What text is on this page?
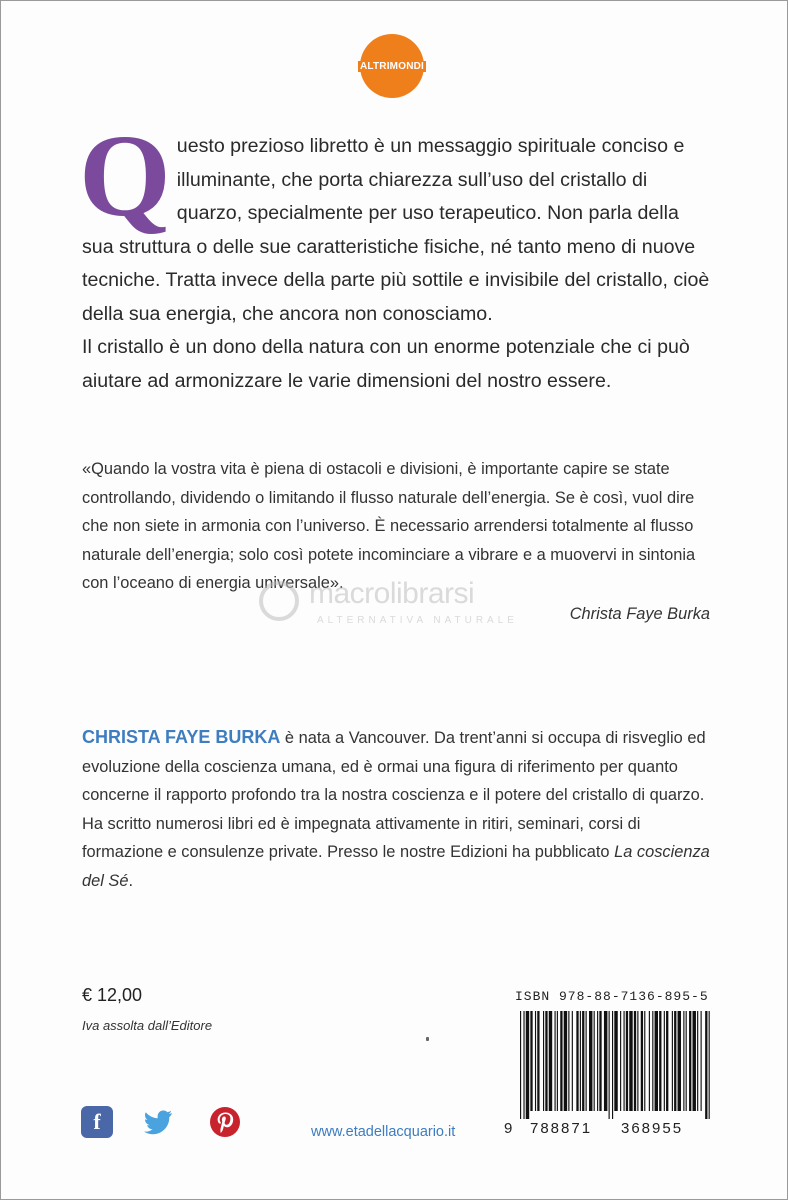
ALTRIMONDI
Q uesto prezioso libretto è un messaggio spirituale conciso e illuminante, che porta chiarezza sull’uso del cristallo di quarzo, specialmente per uso terapeutico. Non parla della sua struttura o delle sue caratteristiche fisiche, né tanto meno di nuove tecniche. Tratta invece della parte più sottile e invisibile del cristallo, cioè della sua energia, che ancora non conosciamo.

Il cristallo è un dono della natura con un enorme potenziale che ci può aiutare ad armonizzare le varie dimensioni del nostro essere.

«Quando la vostra vita è piena di ostacoli e divisioni, è importante capire se state controllando, dividendo o limitando il flusso naturale dell’energia. Se è così, vuol dire che non siete in armonia con l’universo. È necessario arrendersi totalmente al flusso naturale dell’energia; solo così potete incominciare a vibrare e a muovervi in sintonia con l’oceano di energia universale».

Christa Faye Burka

macrolibrarsi
ALTERNATIVA NATURALE

CHRISTA FAYE BURKA è nata a Vancouver. Da trent’anni si occupa di risveglio ed evoluzione della coscienza umana, ed è ormai una figura di riferimento per quanto concerne il rapporto profondo tra la nostra coscienza e il potere del cristallo di quarzo. Ha scritto numerosi libri ed è impegnata attivamente in ritiri, seminari, corsi di formazione e consulenze private. Presso le nostre Edizioni ha pubblicato La coscienza del Sé.

€ 12,00
Iva assolta dall’Editore
ISBN 978-88-7136-895-5
9 788871 368955
f	www.etadellacquario.it
